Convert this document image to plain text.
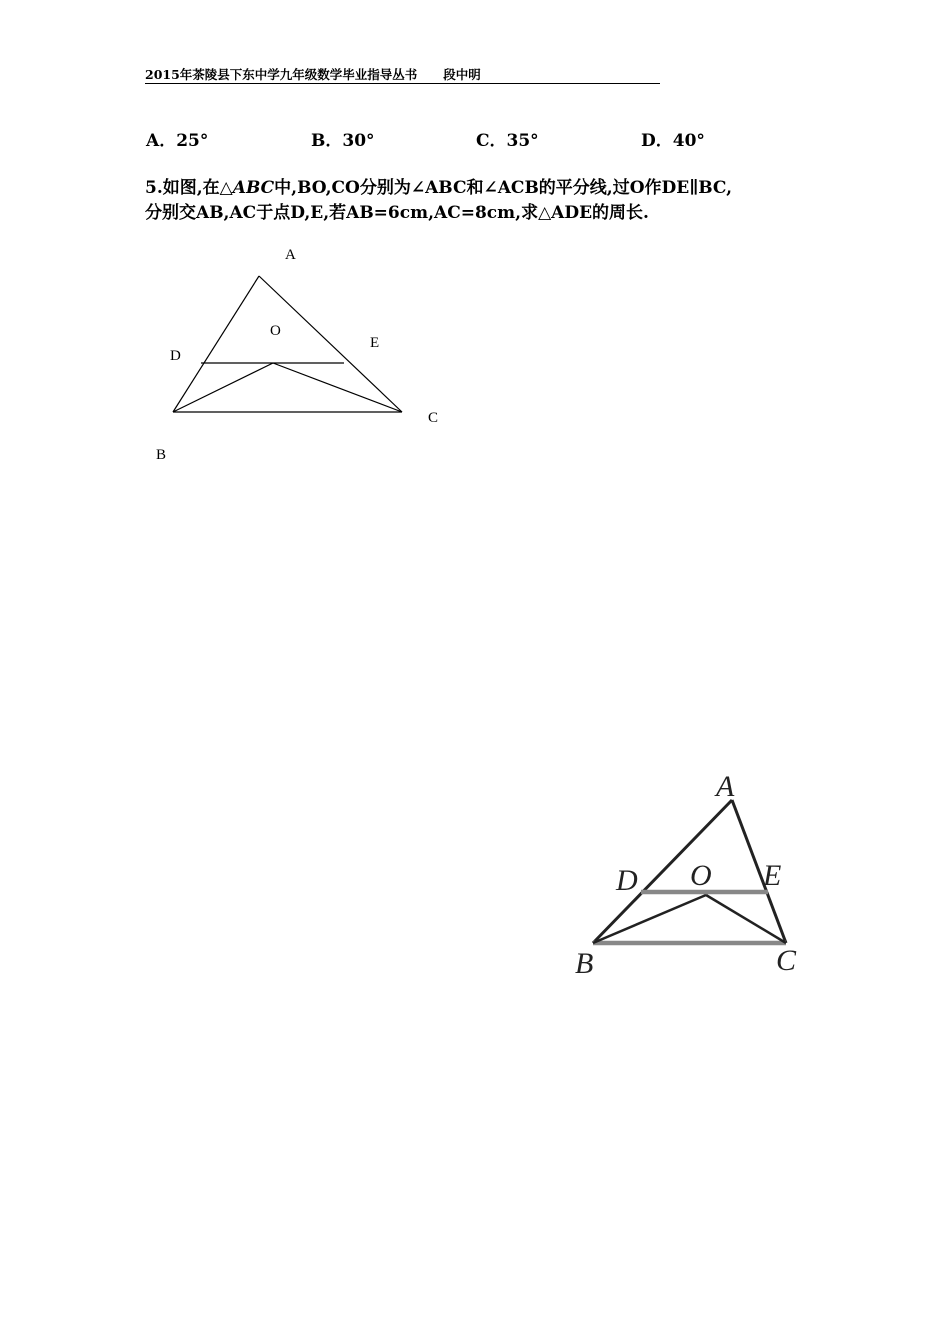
2015年茶陵县下东中学九年级数学毕业指导丛书 段中明
A．25°	B．30°	C．35°	D．40°
5.如图,在△ABC中,BO,CO分别为∠ABC和∠ACB的平分线,过O作DE∥BC,
分别交AB,AC于点D,E,若AB=6cm,AC=8cm,求△ADE的周长.
A
O
E
D
C
B
A
D O E
B	C
